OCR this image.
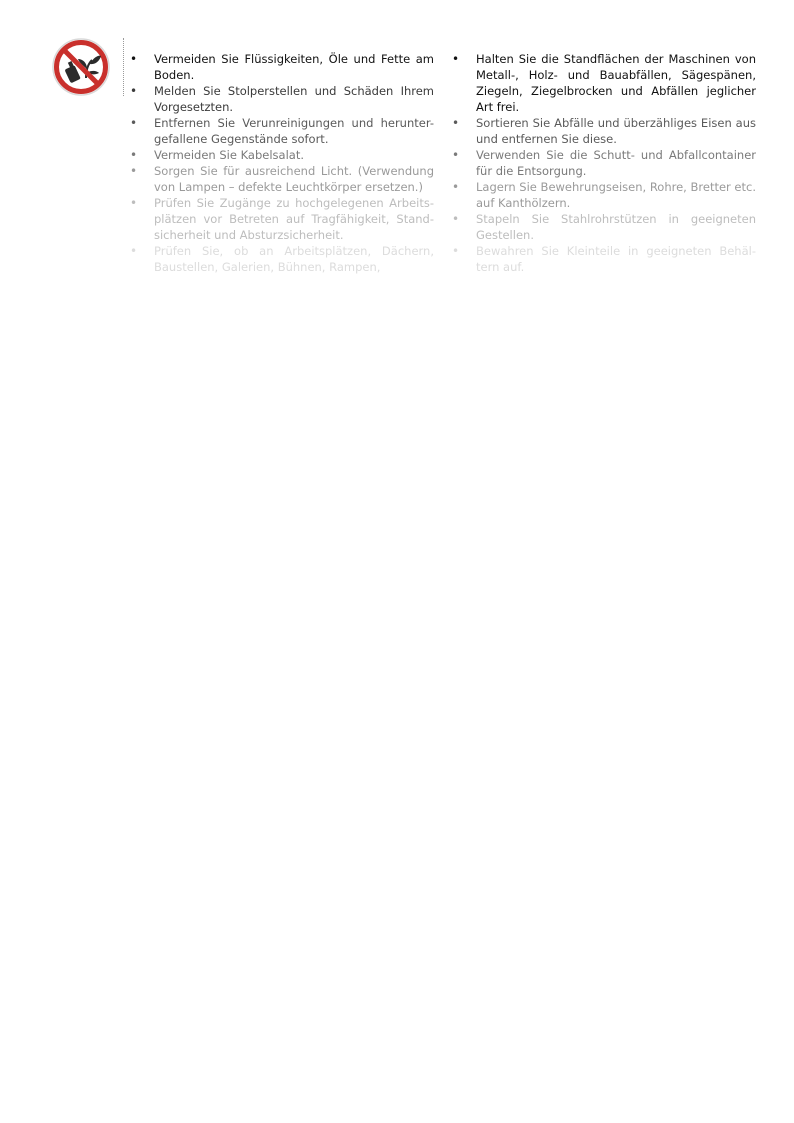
• Vermeiden Sie Flüssigkeiten, Öle und Fette am Boden.
• Melden Sie Stolperstellen und Schäden Ihrem Vorgesetzten.
• Entfernen Sie Verunreinigungen und herunter-gefallene Gegenstände sofort.
• Vermeiden Sie Kabelsalat.
• Sorgen Sie für ausreichend Licht. (Verwendung von Lampen – defekte Leuchtkörper ersetzen.)
• Prüfen Sie Zugänge zu hochgelegenen Arbeits-plätzen vor Betreten auf Tragfähigkeit, Stand-sicherheit und Absturzsicherheit.
• Prüfen Sie, ob an Arbeitsplätzen, Dächern, Baustellen, Galerien, Bühnen, Rampen,
• Halten Sie die Standflächen der Maschinen von Metall-, Holz- und Bauabfällen, Sägespänen, Ziegeln, Ziegelbrocken und Abfällen jeglicher Art frei.
• Sortieren Sie Abfälle und überzähliges Eisen aus und entfernen Sie diese.
• Verwenden Sie die Schutt- und Abfallcontainer für die Entsorgung.
• Lagern Sie Bewehrungseisen, Rohre, Bretter etc. auf Kanthölzern.
• Stapeln Sie Stahlrohrstützen in geeigneten Gestellen.
• Bewahren Sie Kleinteile in geeigneten Behäl-tern auf.
